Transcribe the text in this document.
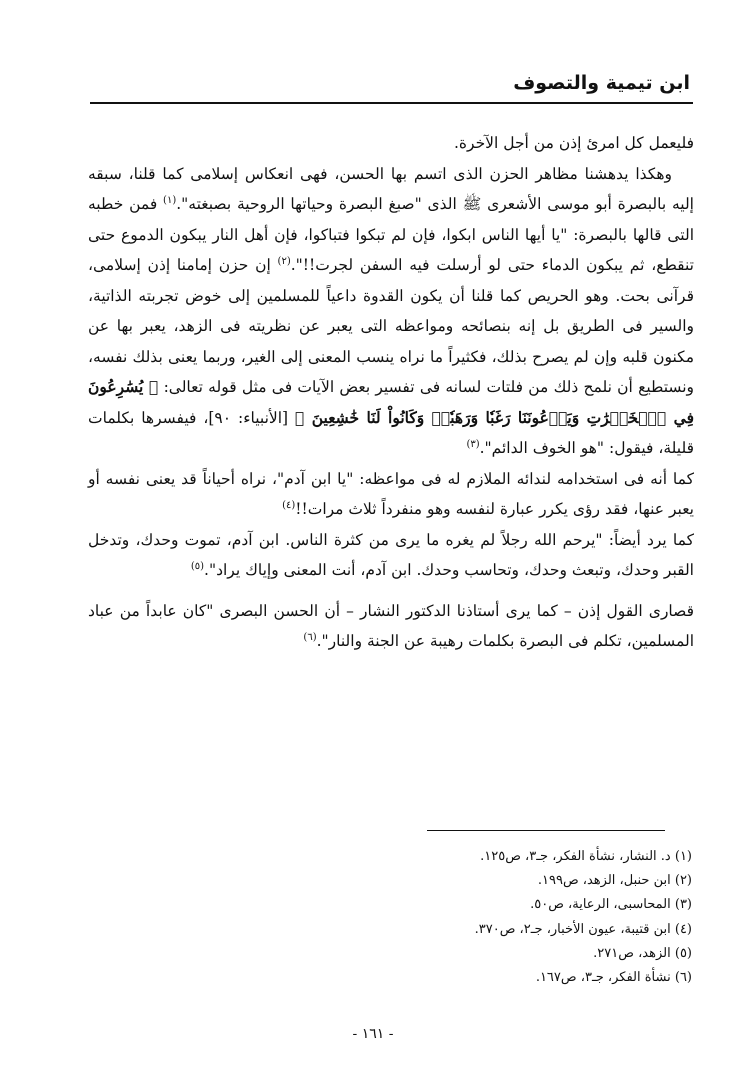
ابن تيمية والتصوف

فليعمل كل امرئ إذن من أجل الآخرة.

وهكذا يدهشنا مظاهر الحزن الذى اتسم بها الحسن، فهى انعكاس إسلامى كما قلنا، سبقه إليه بالبصرة أبو موسى الأشعرى ﷺ الذى "صبغ البصرة وحياتها الروحية بصبغته".$^{(١)}$ فمن خطبه التى قالها بالبصرة: "يا أيها الناس ابكوا، فإن لم تبكوا فتباكوا، فإن أهل النار يبكون الدموع حتى تنقطع، ثم يبكون الدماء حتى لو أرسلت فيه السفن لجرت!!".$^{(٢)}$ إن حزن إمامنا إذن إسلامى، قرآنى بحت. وهو الحريص كما قلنا أن يكون القدوة داعياً للمسلمين إلى خوض تجربته الذاتية، والسير فى الطريق بل إنه بنصائحه ومواعظه التى يعبر عن نظريته فى الزهد، يعبر بها عن مكنون قلبه وإن لم يصرح بذلك، فكثيراً ما نراه ينسب المعنى إلى الغير، وربما يعنى بذلك نفسه، ونستطيع أن نلمح ذلك من فلتات لسانه فى تفسير بعض الآيات فى مثل قوله تعالى: ﴿ يُسَٰرِعُونَ فِي ٱلۡخَيۡرَٰتِ وَيَدۡعُونَنَا رَغَبٗا وَرَهَبٗاۖ وَكَانُواْ لَنَا خَٰشِعِينَ ﴾ [الأنبياء: ٩٠]، فيفسرها بكلمات قليلة، فيقول: "هو الخوف الدائم".$^{(٣)}$

كما أنه فى استخدامه لندائه الملازم له فى مواعظه: "يا ابن آدم"، نراه أحياناً قد يعنى نفسه أو يعبر عنها، فقد رؤى يكرر عبارة لنفسه وهو منفرداً ثلاث مرات!!$^{(٤)}$

كما يرد أيضاً: "يرحم الله رجلاً لم يغره ما يرى من كثرة الناس. ابن آدم، تموت وحدك، وتدخل القبر وحدك، وتبعث وحدك، وتحاسب وحدك. ابن آدم، أنت المعنى وإياك يراد".$^{(٥)}$

قصارى القول إذن – كما يرى أستاذنا الدكتور النشار – أن الحسن البصرى "كان عابداً من عباد المسلمين، تكلم فى البصرة بكلمات رهيبة عن الجنة والنار".$^{(٦)}$

(١) د. النشار، نشأة الفكر، جـ٣، ص١٢٥.
(٢) ابن حنبل، الزهد، ص١٩٩.
(٣) المحاسبى، الرعاية، ص٥٠.
(٤) ابن قتيبة، عيون الأخبار، جـ٢، ص٣٧٠.
(٥) الزهد، ص٢٧١.
(٦) نشأة الفكر، جـ٣، ص١٦٧.
- ١٦١ -
